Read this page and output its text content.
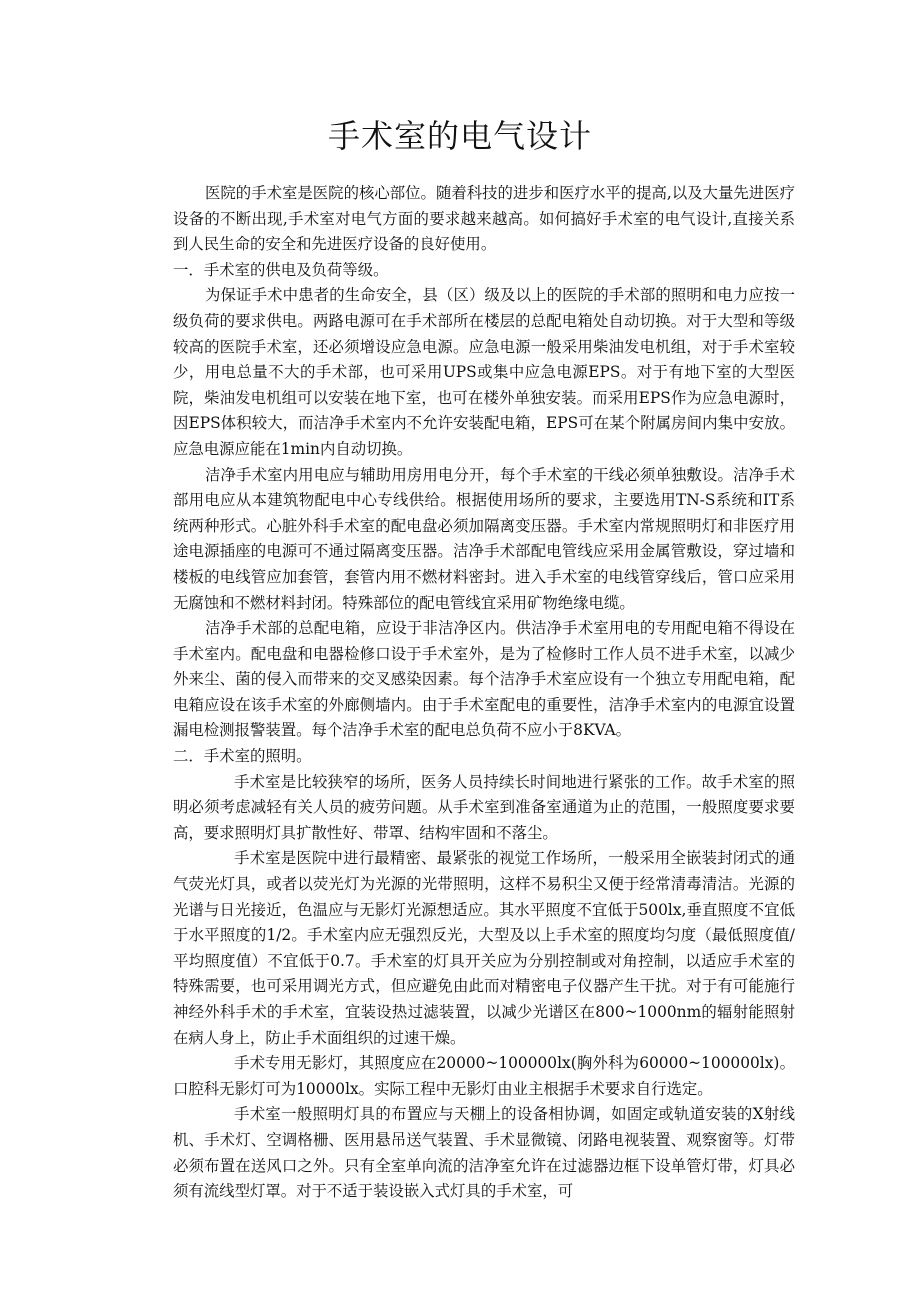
手术室的电气设计

医院的手术室是医院的核心部位。随着科技的进步和医疗水平的提高,以及大量先进医疗设备的不断出现,手术室对电气方面的要求越来越高。如何搞好手术室的电气设计,直接关系到人民生命的安全和先进医疗设备的良好使用。

一．手术室的供电及负荷等级。

为保证手术中患者的生命安全，县（区）级及以上的医院的手术部的照明和电力应按一级负荷的要求供电。两路电源可在手术部所在楼层的总配电箱处自动切换。对于大型和等级较高的医院手术室，还必须增设应急电源。应急电源一般采用柴油发电机组，对于手术室较少，用电总量不大的手术部，也可采用UPS或集中应急电源EPS。对于有地下室的大型医院，柴油发电机组可以安装在地下室，也可在楼外单独安装。而采用EPS作为应急电源时，因EPS体积较大，而洁净手术室内不允许安装配电箱，EPS可在某个附属房间内集中安放。应急电源应能在1min内自动切换。

洁净手术室内用电应与辅助用房用电分开，每个手术室的干线必须单独敷设。洁净手术部用电应从本建筑物配电中心专线供给。根据使用场所的要求，主要选用TN-S系统和IT系统两种形式。心脏外科手术室的配电盘必须加隔离变压器。手术室内常规照明灯和非医疗用途电源插座的电源可不通过隔离变压器。洁净手术部配电管线应采用金属管敷设，穿过墙和楼板的电线管应加套管，套管内用不燃材料密封。进入手术室的电线管穿线后，管口应采用无腐蚀和不燃材料封闭。特殊部位的配电管线宜采用矿物绝缘电缆。

洁净手术部的总配电箱，应设于非洁净区内。供洁净手术室用电的专用配电箱不得设在手术室内。配电盘和电器检修口设于手术室外，是为了检修时工作人员不进手术室，以减少外来尘、菌的侵入而带来的交叉感染因素。每个洁净手术室应设有一个独立专用配电箱，配电箱应设在该手术室的外廊侧墙内。由于手术室配电的重要性，洁净手术室内的电源宜设置漏电检测报警装置。每个洁净手术室的配电总负荷不应小于8KVA。

二．手术室的照明。

手术室是比较狭窄的场所，医务人员持续长时间地进行紧张的工作。故手术室的照明必须考虑减轻有关人员的疲劳问题。从手术室到准备室通道为止的范围，一般照度要求要高，要求照明灯具扩散性好、带罩、结构牢固和不落尘。

手术室是医院中进行最精密、最紧张的视觉工作场所，一般采用全嵌装封闭式的通气荧光灯具，或者以荧光灯为光源的光带照明，这样不易积尘又便于经常清毒清洁。光源的光谱与日光接近，色温应与无影灯光源想适应。其水平照度不宜低于500lx,垂直照度不宜低于水平照度的1/2。手术室内应无强烈反光，大型及以上手术室的照度均匀度（最低照度值/平均照度值）不宜低于0.7。手术室的灯具开关应为分别控制或对角控制，以适应手术室的特殊需要，也可采用调光方式，但应避免由此而对精密电子仪器产生干扰。对于有可能施行神经外科手术的手术室，宜装设热过滤装置，以减少光谱区在800~1000nm的辐射能照射在病人身上，防止手术面组织的过速干燥。

手术专用无影灯，其照度应在20000~100000lx(胸外科为60000~100000lx)。口腔科无影灯可为10000lx。实际工程中无影灯由业主根据手术要求自行选定。

手术室一般照明灯具的布置应与天棚上的设备相协调，如固定或轨道安装的X射线机、手术灯、空调格栅、医用悬吊送气装置、手术显微镜、闭路电视装置、观察窗等。灯带必须布置在送风口之外。只有全室单向流的洁净室允许在过滤器边框下设单管灯带，灯具必须有流线型灯罩。对于不适于装设嵌入式灯具的手术室，可
